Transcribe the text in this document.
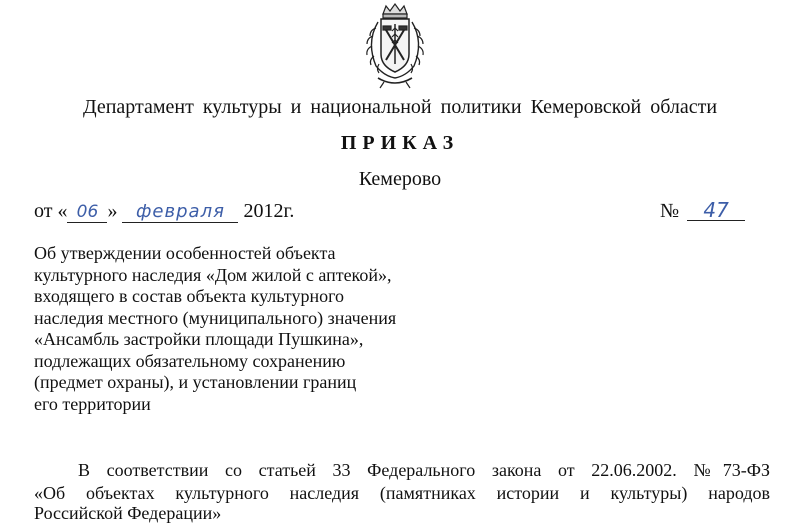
Департамент культуры и национальной политики Кемеровской области
ПРИКАЗ
Кемерово
от « 06 » февраля 2012г.	№ 47
Об утверждении особенностей объекта
культурного наследия «Дом жилой с аптекой»,
входящего в состав объекта культурного
наследия местного (муниципального) значения
«Ансамбль застройки площади Пушкина»,
подлежащих обязательному сохранению
(предмет охраны), и установлении границ
его территории
В соответствии со статьей 33 Федерального закона от 22.06.2002. №73-ФЗ
«Об объектах культурного наследия (памятниках истории и культуры) народов
Российской Федерации»
